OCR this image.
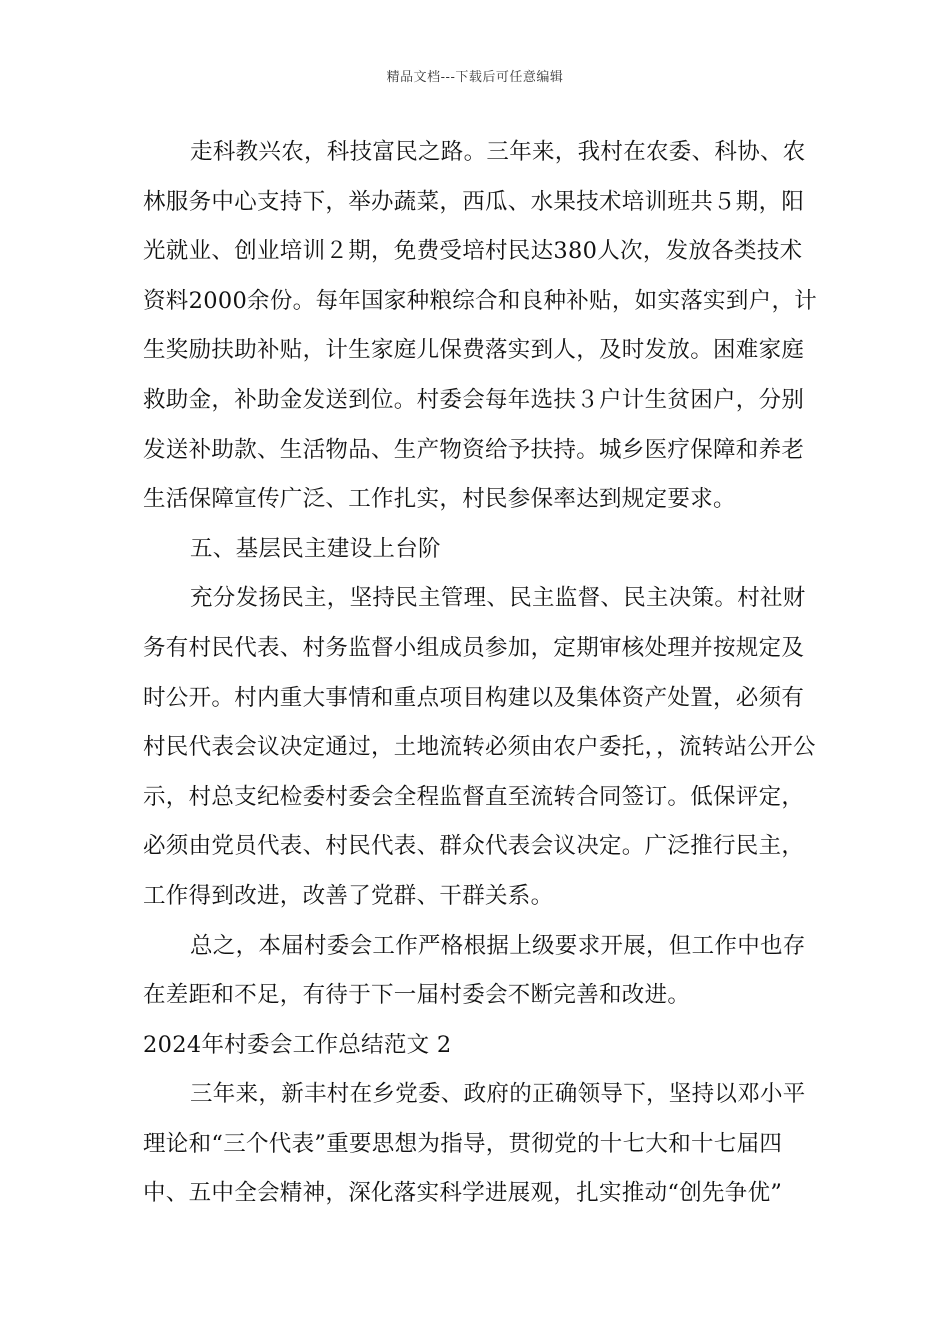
精品文档---下载后可任意编辑

走科教兴农，科技富民之路。三年来，我村在农委、科协、农林服务中心支持下，举办蔬菜，西瓜、水果技术培训班共５期，阳光就业、创业培训２期，免费受培村民达380人次，发放各类技术资料2000余份。每年国家种粮综合和良种补贴，如实落实到户，计生奖励扶助补贴，计生家庭儿保费落实到人，及时发放。困难家庭救助金，补助金发送到位。村委会每年选扶３户计生贫困户，分别发送补助款、生活物品、生产物资给予扶持。城乡医疗保障和养老生活保障宣传广泛、工作扎实，村民参保率达到规定要求。

五、基层民主建设上台阶

充分发扬民主，坚持民主管理、民主监督、民主决策。村社财务有村民代表、村务监督小组成员参加，定期审核处理并按规定及时公开。村内重大事情和重点项目构建以及集体资产处置，必须有村民代表会议决定通过，土地流转必须由农户委托，，流转站公开公示，村总支纪检委村委会全程监督直至流转合同签订。低保评定，必须由党员代表、村民代表、群众代表会议决定。广泛推行民主，工作得到改进，改善了党群、干群关系。

总之，本届村委会工作严格根据上级要求开展，但工作中也存在差距和不足，有待于下一届村委会不断完善和改进。

2024年村委会工作总结范文 2

三年来，新丰村在乡党委、政府的正确领导下，坚持以邓小平理论和“三个代表”重要思想为指导，贯彻党的十七大和十七届四中、五中全会精神，深化落实科学进展观，扎实推动“创先争优”
